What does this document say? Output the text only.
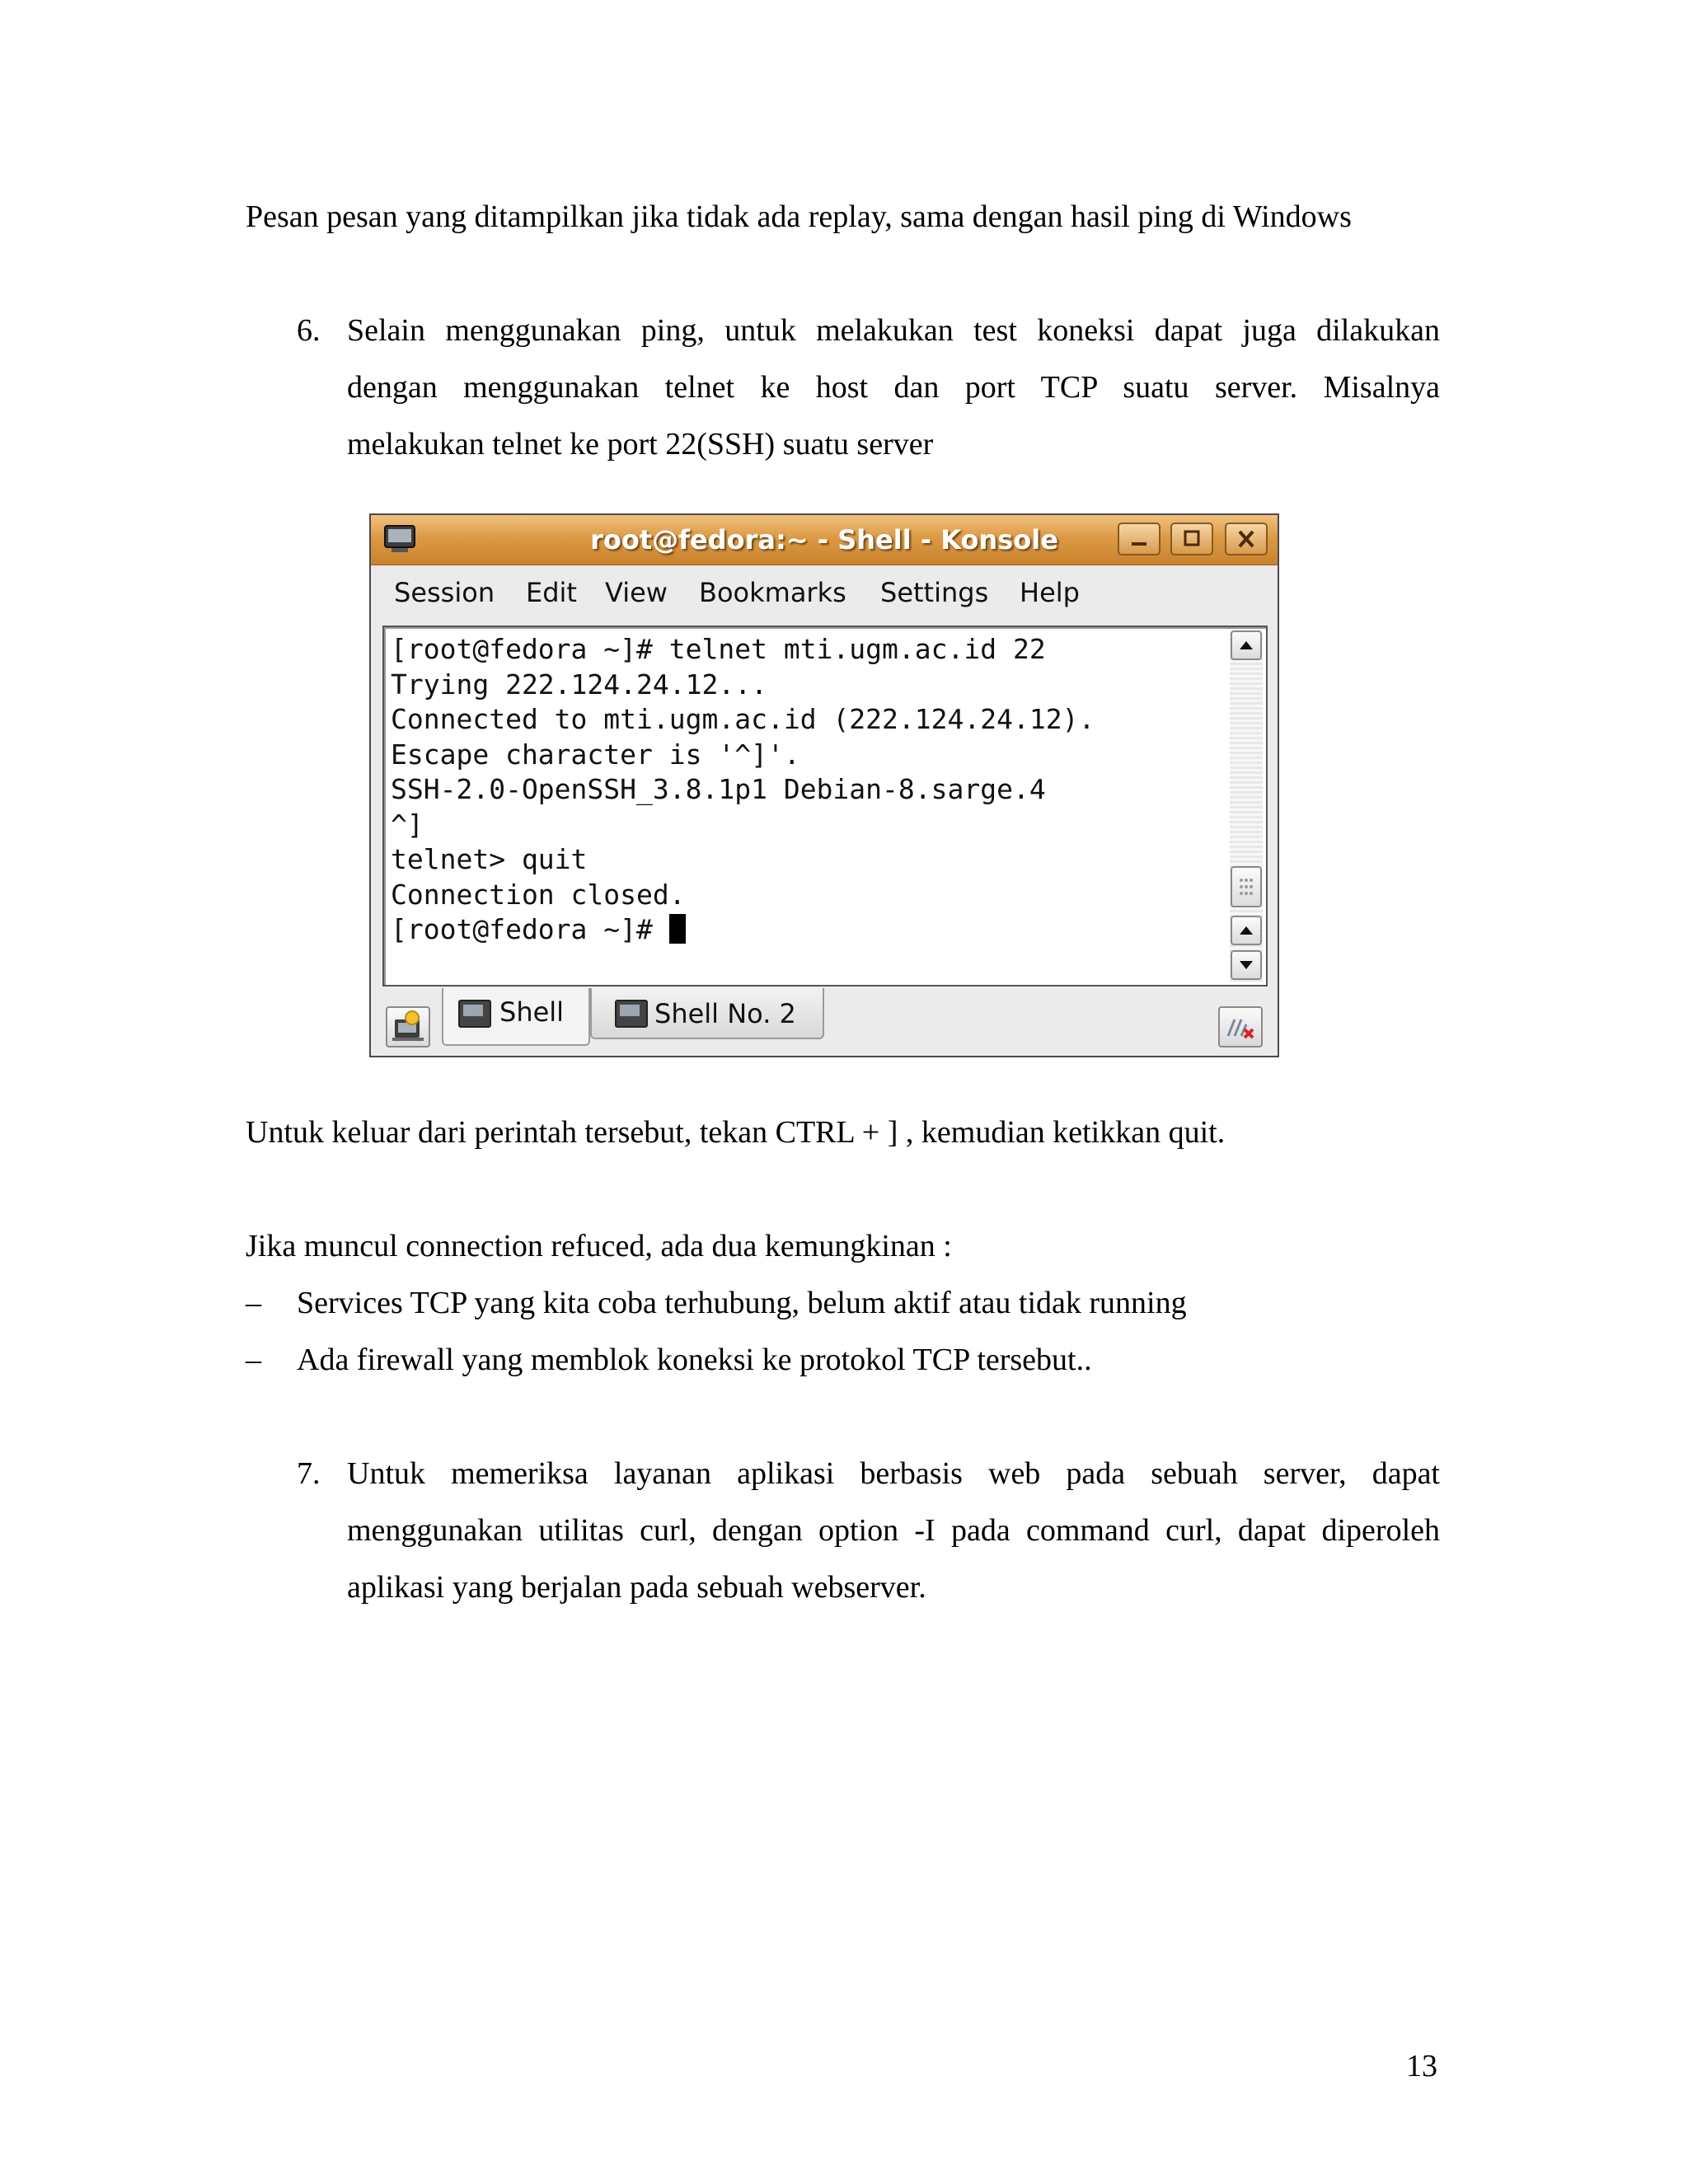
Pesan pesan yang ditampilkan jika tidak ada replay, sama dengan hasil ping di Windows
6. Selain menggunakan ping, untuk melakukan test koneksi dapat juga dilakukan
dengan menggunakan telnet ke host dan port TCP suatu server. Misalnya
melakukan telnet ke port 22(SSH) suatu server
root@fedora:~ - Shell - Konsole
Session Edit View Bookmarks Settings Help
[root@fedora ~]# telnet mti.ugm.ac.id 22
Trying 222.124.24.12...
Connected to mti.ugm.ac.id (222.124.24.12).
Escape character is '^]'.
SSH-2.0-OpenSSH_3.8.1p1 Debian-8.sarge.4
^]
telnet> quit
Connection closed.
[root@fedora ~]#
Shell	Shell No. 2
Untuk keluar dari perintah tersebut, tekan CTRL + ] , kemudian ketikkan quit.
Jika muncul connection refuced, ada dua kemungkinan :
– Services TCP yang kita coba terhubung, belum aktif atau tidak running
– Ada firewall yang memblok koneksi ke protokol TCP tersebut..
7. Untuk memeriksa layanan aplikasi berbasis web pada sebuah server, dapat
menggunakan utilitas curl, dengan option -I pada command curl, dapat diperoleh
aplikasi yang berjalan pada sebuah webserver.
13
